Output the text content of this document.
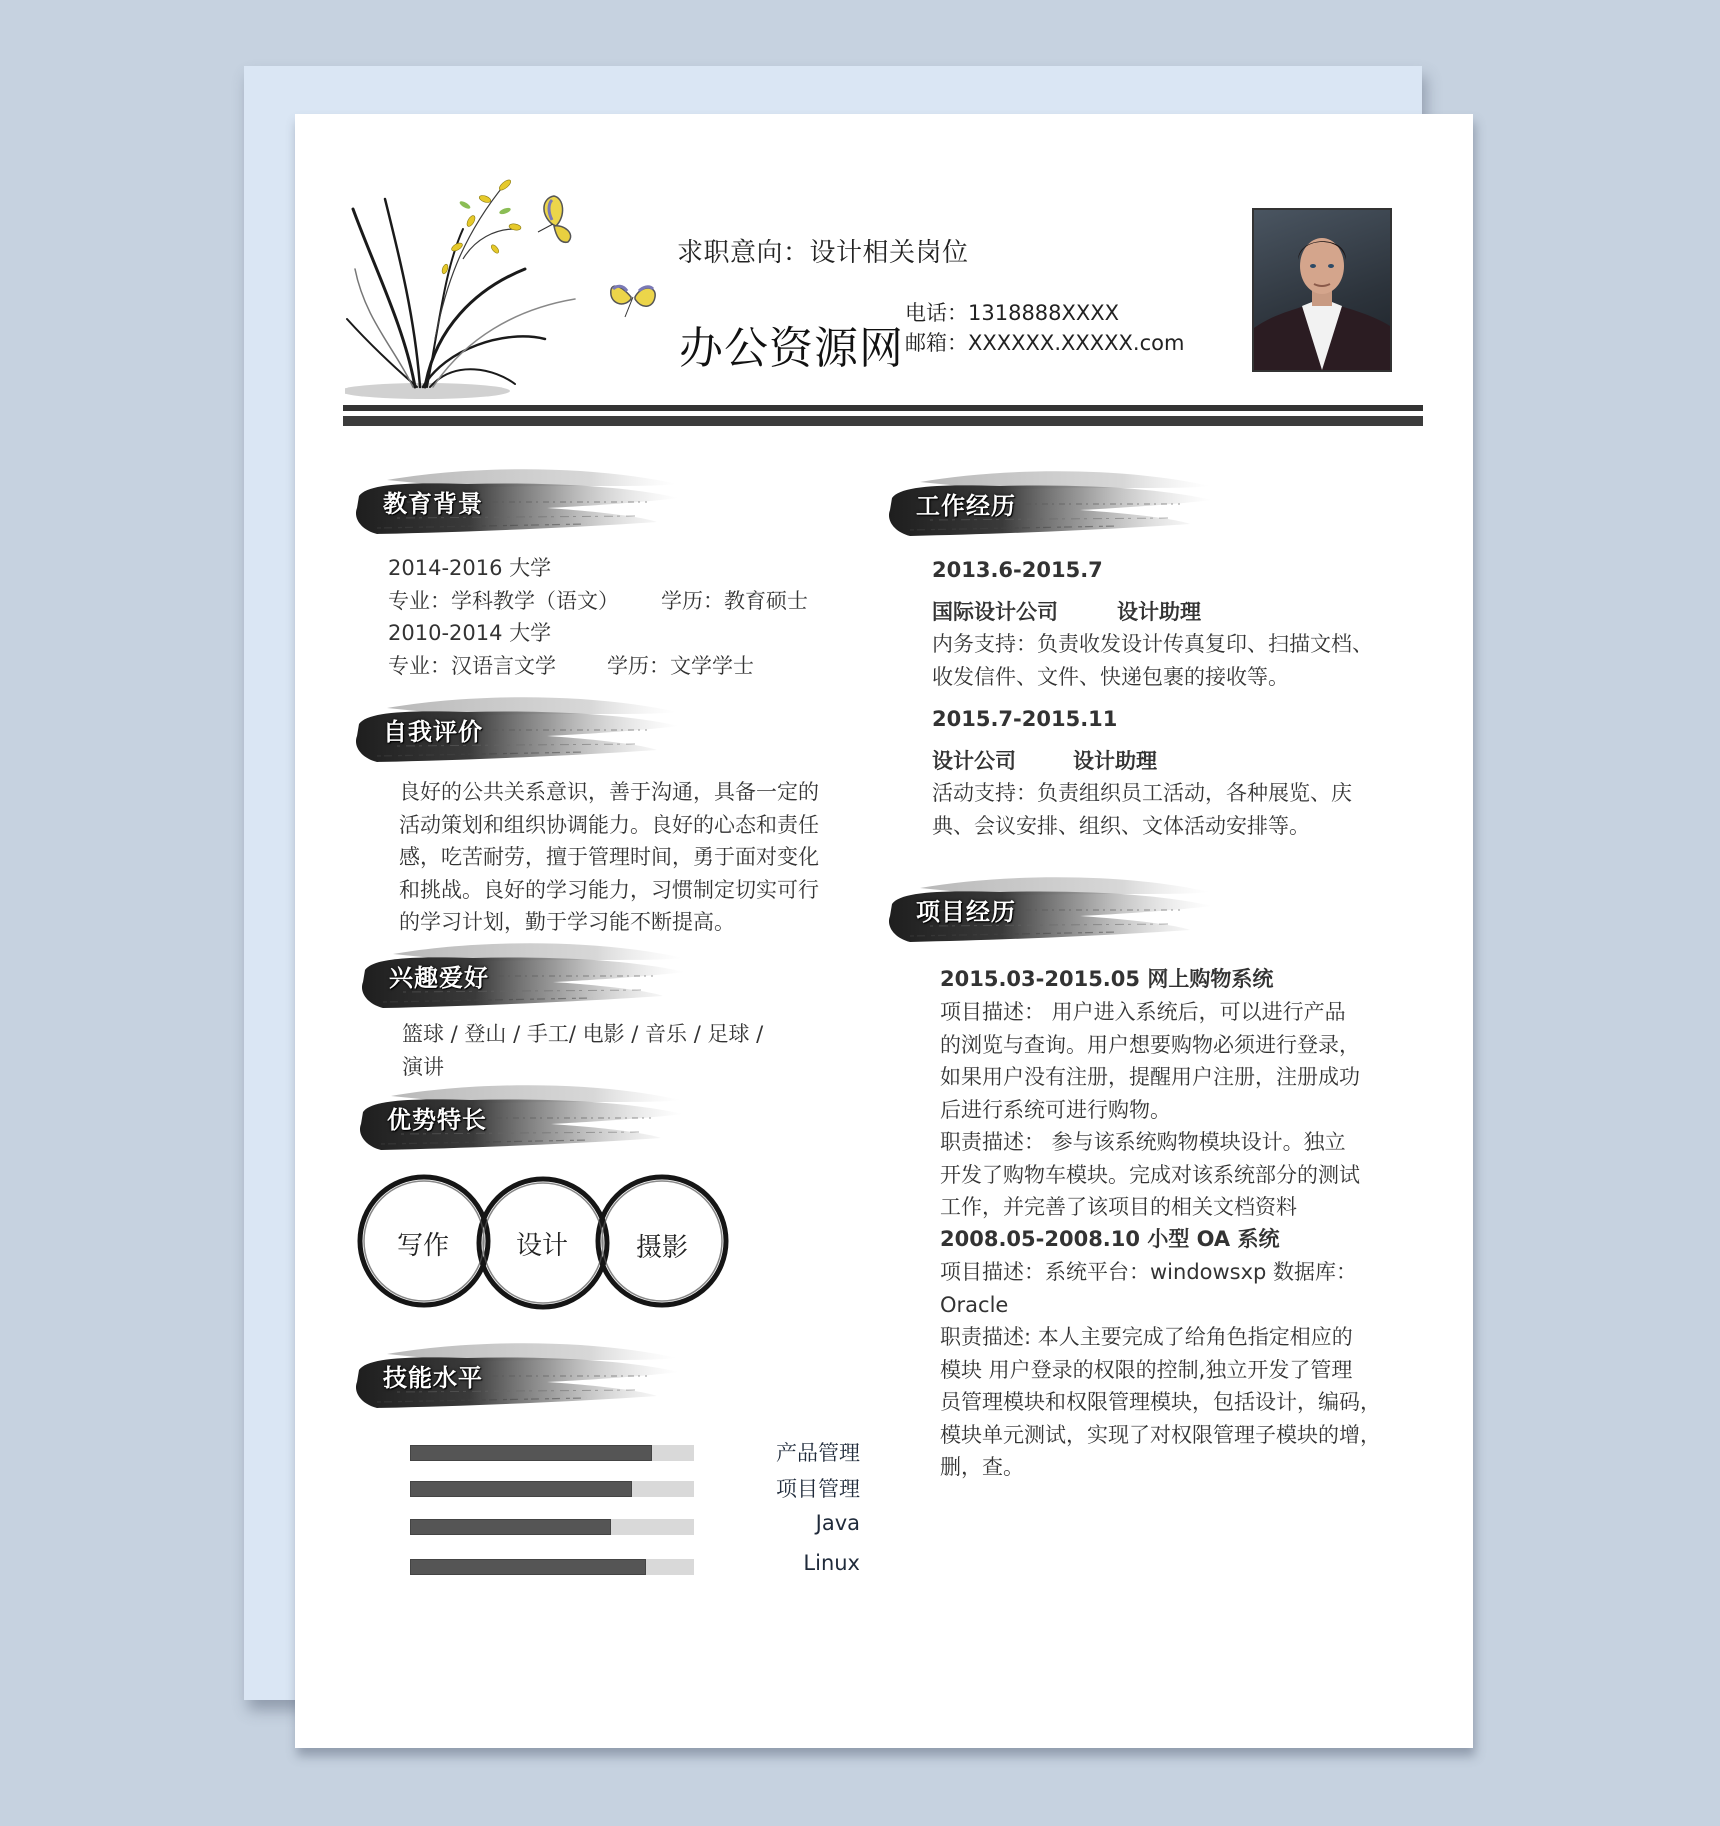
求职意向：设计相关岗位
办公资源网
电话：1318888XXXX
邮箱：XXXXXX.XXXXX.com
教育背景
2014-2016 大学
专业：学科教学（语文） 学历：教育硕士
2010-2014 大学
专业：汉语言文学 学历：文学学士
自我评价
良好的公共关系意识，善于沟通，具备一定的
活动策划和组织协调能力。良好的心态和责任
感，吃苦耐劳，擅于管理时间，勇于面对变化
和挑战。良好的学习能力，习惯制定切实可行
的学习计划，勤于学习能不断提高。
兴趣爱好
篮球 / 登山 / 手工/ 电影 / 音乐 / 足球 /
演讲
优势特长
写作	设计	摄影
技能水平
产品管理
项目管理
Java
Linux
工作经历
2013.6-2015.7
国际设计公司	设计助理
内务支持：负责收发设计传真复印、扫描文档、
收发信件、文件、快递包裹的接收等。
2015.7-2015.11
设计公司	设计助理
活动支持：负责组织员工活动，各种展览、庆
典、会议安排、组织、文体活动安排等。
项目经历
2015.03-2015.05 网上购物系统
项目描述： 用户进入系统后，可以进行产品
的浏览与查询。用户想要购物必须进行登录，
如果用户没有注册，提醒用户注册，注册成功
后进行系统可进行购物。
职责描述： 参与该系统购物模块设计。独立
开发了购物车模块。完成对该系统部分的测试
工作，并完善了该项目的相关文档资料
2008.05-2008.10 小型 OA 系统
项目描述：系统平台：windowsxp 数据库：
Oracle
职责描述: 本人主要完成了给角色指定相应的
模块 用户登录的权限的控制,独立开发了管理
员管理模块和权限管理模块，包括设计，编码，
模块单元测试，实现了对权限管理子模块的增，
删，查。
